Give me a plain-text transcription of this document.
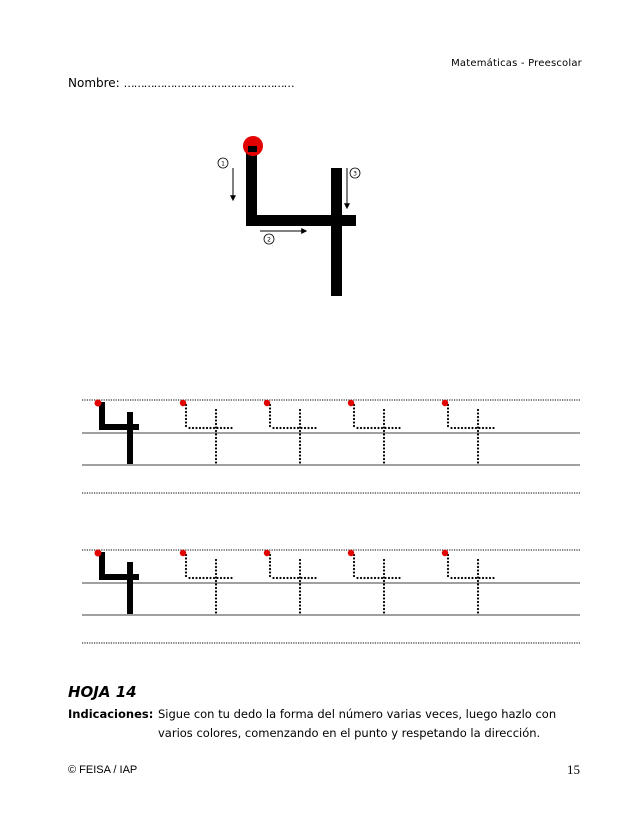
Matemáticas - Preescolar
Nombre: ……………………………………………
1
2
3
HOJA 14
Indicaciones: Sigue con tu dedo la forma del número varias veces, luego hazlo con
varios colores, comenzando en el punto y respetando la dirección.
© FEISA / IAP	15
